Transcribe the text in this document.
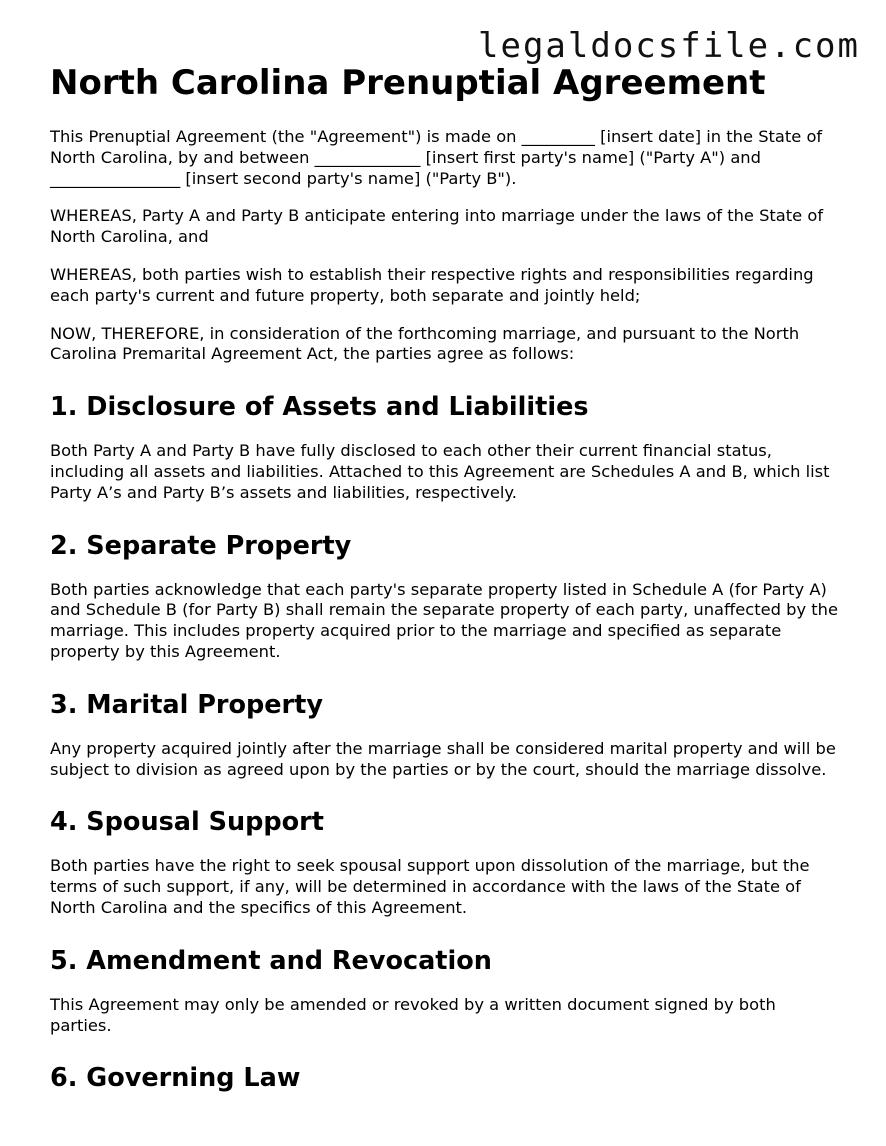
legaldocsfile.com
North Carolina Prenuptial Agreement

This Prenuptial Agreement (the "Agreement") is made on _________ [insert date] in the State of North Carolina, by and between _____________ [insert first party's name] ("Party A") and ________________ [insert second party's name] ("Party B").

WHEREAS, Party A and Party B anticipate entering into marriage under the laws of the State of North Carolina, and

WHEREAS, both parties wish to establish their respective rights and responsibilities regarding each party's current and future property, both separate and jointly held;

NOW, THEREFORE, in consideration of the forthcoming marriage, and pursuant to the North Carolina Premarital Agreement Act, the parties agree as follows:

1. Disclosure of Assets and Liabilities

Both Party A and Party B have fully disclosed to each other their current financial status, including all assets and liabilities. Attached to this Agreement are Schedules A and B, which list Party A’s and Party B’s assets and liabilities, respectively.

2. Separate Property

Both parties acknowledge that each party's separate property listed in Schedule A (for Party A) and Schedule B (for Party B) shall remain the separate property of each party, unaffected by the marriage. This includes property acquired prior to the marriage and specified as separate property by this Agreement.

3. Marital Property

Any property acquired jointly after the marriage shall be considered marital property and will be subject to division as agreed upon by the parties or by the court, should the marriage dissolve.

4. Spousal Support

Both parties have the right to seek spousal support upon dissolution of the marriage, but the terms of such support, if any, will be determined in accordance with the laws of the State of North Carolina and the specifics of this Agreement.

5. Amendment and Revocation

This Agreement may only be amended or revoked by a written document signed by both parties.

6. Governing Law
